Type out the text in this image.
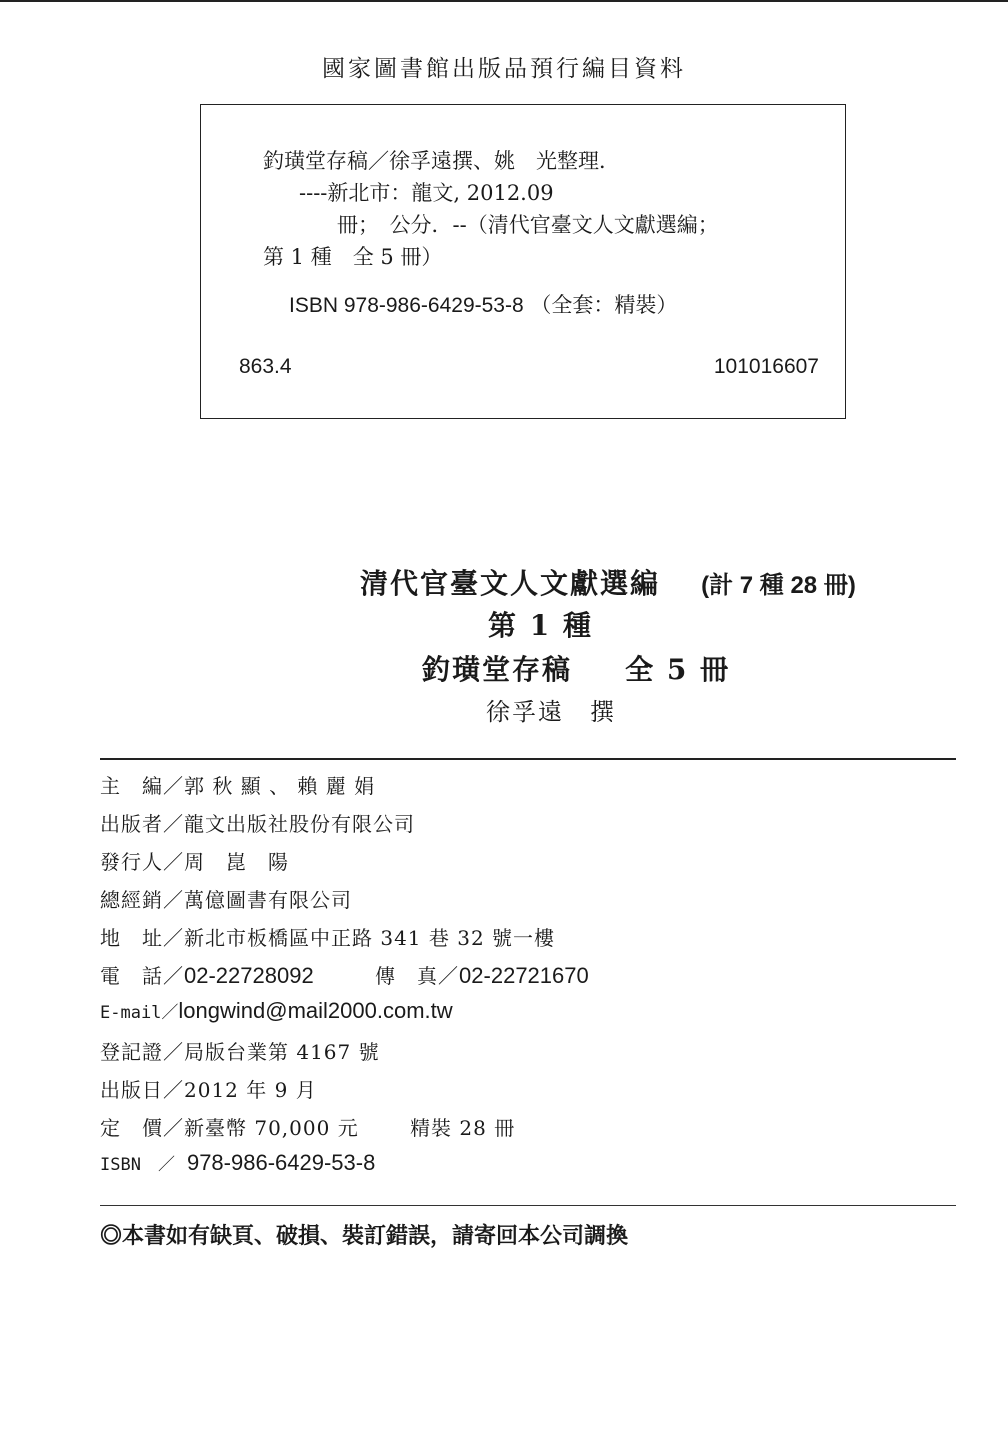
國家圖書館出版品預行編目資料
釣璜堂存稿／徐孚遠撰、姚　光整理．
----新北市：龍文, 2012.09
冊；　公分．--（清代官臺文人文獻選編；
第 1 種　全 5 冊）
ISBN 978-986-6429-53-8 （全套：精裝）
863.4	101016607
清代官臺文人文獻選編 (計 7 種 28 冊)
第 1 種
釣璜堂存稿 全 5 冊
徐孚遠　撰
主　編／郭 秋 顯 、 賴 麗 娟
出版者／龍文出版社股份有限公司
發行人／周　崑　陽
總經銷／萬億圖書有限公司
地　址／新北市板橋區中正路 341 巷 32 號一樓
電　話／02-22728092	傳　真／02-22721670
E-mail／longwind@mail2000.com.tw
登記證／局版台業第 4167 號
出版日／2012 年 9 月
定　價／新臺幣 70,000 元	精裝 28 冊
ISBN　／ 978-986-6429-53-8
◎本書如有缺頁、破損、裝訂錯誤，請寄回本公司調換
